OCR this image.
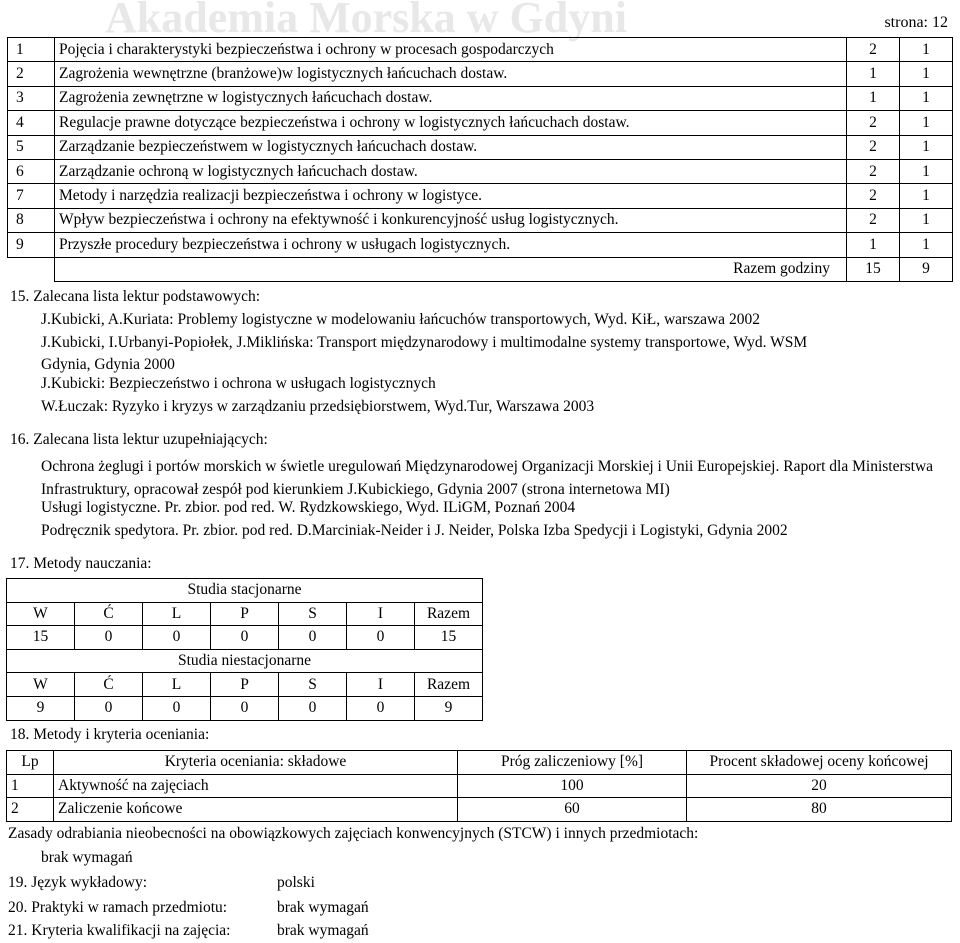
Akademia Morska w Gdyni	strona: 12
1	Pojęcia i charakterystyki bezpieczeństwa i ochrony w procesach gospodarczych	2	1
2	Zagrożenia wewnętrzne (branżowe)w logistycznych łańcuchach dostaw.	1	1
3	Zagrożenia zewnętrzne w logistycznych łańcuchach dostaw.	1	1
4	Regulacje prawne dotyczące bezpieczeństwa i ochrony w logistycznych łańcuchach dostaw.	2	1
5	Zarządzanie bezpieczeństwem w logistycznych łańcuchach dostaw.	2	1
6	Zarządzanie ochroną w logistycznych łańcuchach dostaw.	2	1
7	Metody i narzędzia realizacji bezpieczeństwa i ochrony w logistyce.	2	1
8	Wpływ bezpieczeństwa i ochrony na efektywność i konkurencyjność usług logistycznych.	2	1
9	Przyszłe procedury bezpieczeństwa i ochrony w usługach logistycznych.	1	1
	Razem godziny	15	9
15. Zalecana lista lektur podstawowych:
J.Kubicki, A.Kuriata: Problemy logistyczne w modelowaniu łańcuchów transportowych, Wyd. KiŁ, warszawa 2002
J.Kubicki, I.Urbanyi-Popiołek, J.Miklińska: Transport międzynarodowy i multimodalne systemy transportowe, Wyd. WSM
Gdynia, Gdynia 2000
J.Kubicki: Bezpieczeństwo i ochrona w usługach logistycznych
W.Łuczak: Ryzyko i kryzys w zarządzaniu przedsiębiorstwem, Wyd.Tur, Warszawa 2003
16. Zalecana lista lektur uzupełniających:
Ochrona żeglugi i portów morskich w świetle uregulowań Międzynarodowej Organizacji Morskiej i Unii Europejskiej. Raport dla Ministerstwa Infrastruktury, opracował zespół pod kierunkiem J.Kubickiego, Gdynia 2007 (strona internetowa MI)
Usługi logistyczne. Pr. zbior. pod red. W. Rydzkowskiego, Wyd. ILiGM, Poznań 2004
Podręcznik spedytora. Pr. zbior. pod red. D.Marciniak-Neider i J. Neider, Polska Izba Spedycji i Logistyki, Gdynia 2002
17. Metody nauczania:
Studia stacjonarne						
W	Ć	L	P	S	I	Razem
15	0	0	0	0	0	15
Studia niestacjonarne						
W	Ć	L	P	S	I	Razem
9	0	0	0	0	0	9
18. Metody i kryteria oceniania:
Lp	Kryteria oceniania: składowe	Próg zaliczeniowy [%]	Procent składowej oceny końcowej
1	Aktywność na zajęciach	100	20
2	Zaliczenie końcowe	60	80
Zasady odrabiania nieobecności na obowiązkowych zajęciach konwencyjnych (STCW) i innych przedmiotach:
brak wymagań
19. Język wykładowy:	polski
20. Praktyki w ramach przedmiotu:	brak wymagań
21. Kryteria kwalifikacji na zajęcia:	brak wymagań
